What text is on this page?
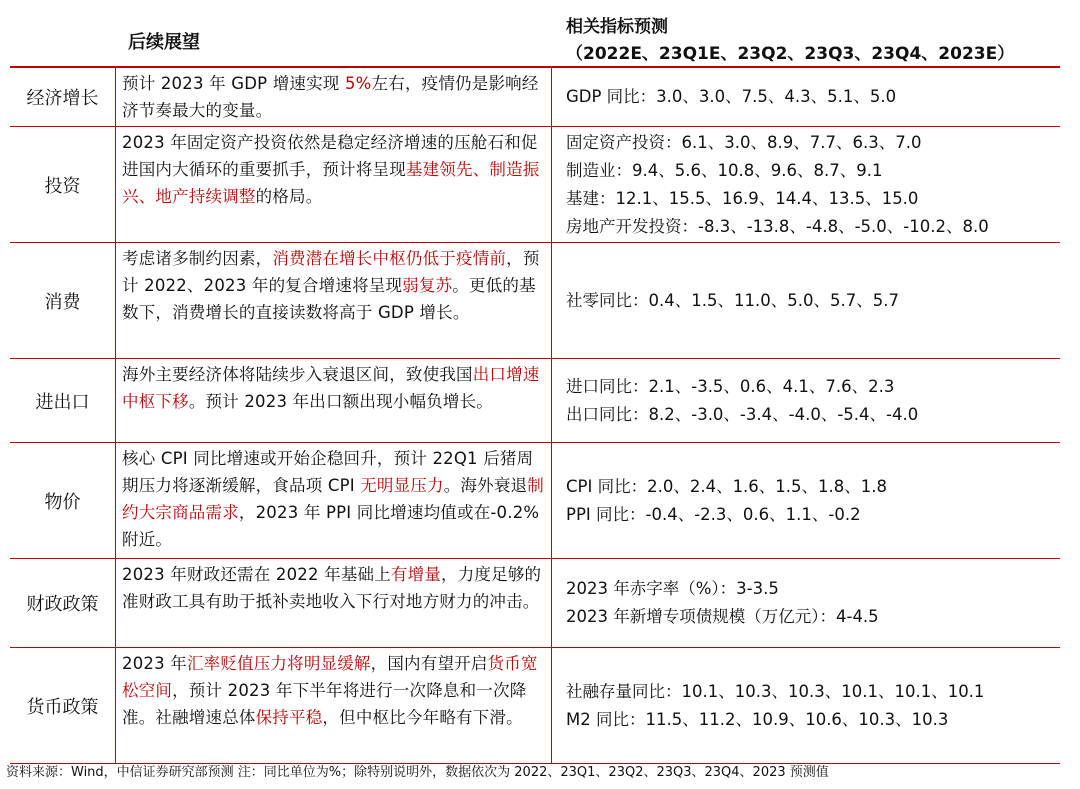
后续展望
相关指标预测
（2022E、23Q1E、23Q2、23Q3、23Q4、2023E）
经济增长
预计 2023 年 GDP 增速实现 5%左右，疫情仍是影响经济节奏最大的变量。
GDP 同比：3.0、3.0、7.5、4.3、5.1、5.0
投资
2023 年固定资产投资依然是稳定经济增速的压舱石和促进国内大循环的重要抓手，预计将呈现基建领先、制造振兴、地产持续调整的格局。
固定资产投资：6.1、3.0、8.9、7.7、6.3、7.0
制造业：9.4、5.6、10.8、9.6、8.7、9.1
基建：12.1、15.5、16.9、14.4、13.5、15.0
房地产开发投资：-8.3、-13.8、-4.8、-5.0、-10.2、8.0
消费
考虑诸多制约因素，消费潜在增长中枢仍低于疫情前，预计 2022、2023 年的复合增速将呈现弱复苏。更低的基数下，消费增长的直接读数将高于 GDP 增长。
社零同比：0.4、1.5、11.0、5.0、5.7、5.7
进出口
海外主要经济体将陆续步入衰退区间，致使我国出口增速中枢下移。预计 2023 年出口额出现小幅负增长。
进口同比：2.1、-3.5、0.6、4.1、7.6、2.3
出口同比：8.2、-3.0、-3.4、-4.0、-5.4、-4.0
物价
核心 CPI 同比增速或开始企稳回升，预计 22Q1 后猪周期压力将逐渐缓解，食品项 CPI 无明显压力。海外衰退制约大宗商品需求，2023 年 PPI 同比增速均值或在-0.2%附近。
CPI 同比：2.0、2.4、1.6、1.5、1.8、1.8
PPI 同比：-0.4、-2.3、0.6、1.1、-0.2
财政政策
2023 年财政还需在 2022 年基础上有增量，力度足够的准财政工具有助于抵补卖地收入下行对地方财力的冲击。
2023 年赤字率（%）：3-3.5
2023 年新增专项债规模（万亿元）：4-4.5
货币政策
2023 年汇率贬值压力将明显缓解，国内有望开启货币宽松空间，预计 2023 年下半年将进行一次降息和一次降准。社融增速总体保持平稳，但中枢比今年略有下滑。
社融存量同比：10.1、10.3、10.3、10.1、10.1、10.1
M2 同比：11.5、11.2、10.9、10.6、10.3、10.3
资料来源：Wind，中信证券研究部预测 注：同比单位为%；除特别说明外，数据依次为 2022、23Q1、23Q2、23Q3、23Q4、2023 预测值
